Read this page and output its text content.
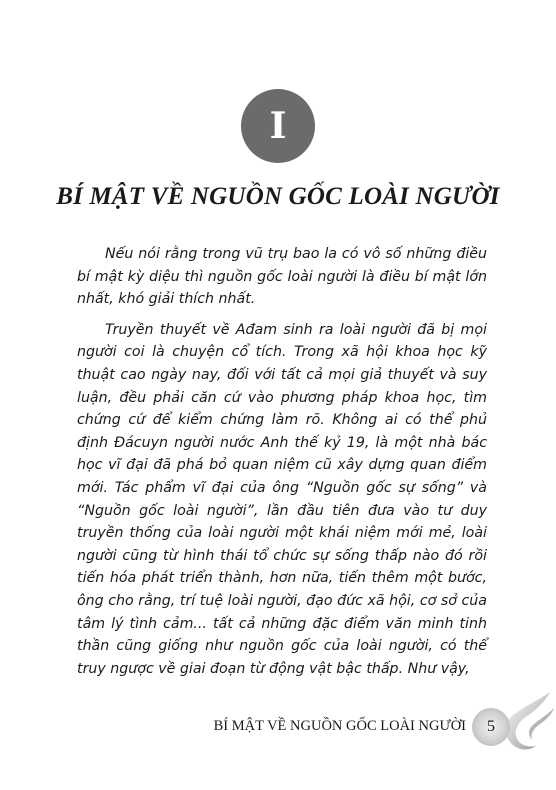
I
BÍ MẬT VỀ NGUỒN GỐC LOÀI NGƯỜI

Nếu nói rằng trong vũ trụ bao la có vô số những điều bí mật kỳ diệu thì nguồn gốc loài người là điều bí mật lớn nhất, khó giải thích nhất.

Truyền thuyết về Ađam sinh ra loài người đã bị mọi người coi là chuyện cổ tích. Trong xã hội khoa học kỹ thuật cao ngày nay, đối với tất cả mọi giả thuyết và suy luận, đều phải căn cứ vào phương pháp khoa học, tìm chứng cứ để kiểm chứng làm rõ. Không ai có thể phủ định Đácuyn người nước Anh thế kỷ 19, là một nhà bác học vĩ đại đã phá bỏ quan niệm cũ xây dựng quan điểm mới. Tác phẩm vĩ đại của ông “Nguồn gốc sự sống” và “Nguồn gốc loài người”, lần đầu tiên đưa vào tư duy truyền thống của loài người một khái niệm mới mẻ, loài người cũng từ hình thái tổ chức sự sống thấp nào đó rồi tiến hóa phát triển thành, hơn nữa, tiến thêm một bước, ông cho rằng, trí tuệ loài người, đạo đức xã hội, cơ sở của tâm lý tình cảm... tất cả những đặc điểm văn minh tinh thần cũng giống như nguồn gốc của loài người, có thể truy ngược về giai đoạn từ động vật bậc thấp. Như vậy,

BÍ MẬT VỀ NGUỒN GỐC LOÀI NGƯỜI 5
